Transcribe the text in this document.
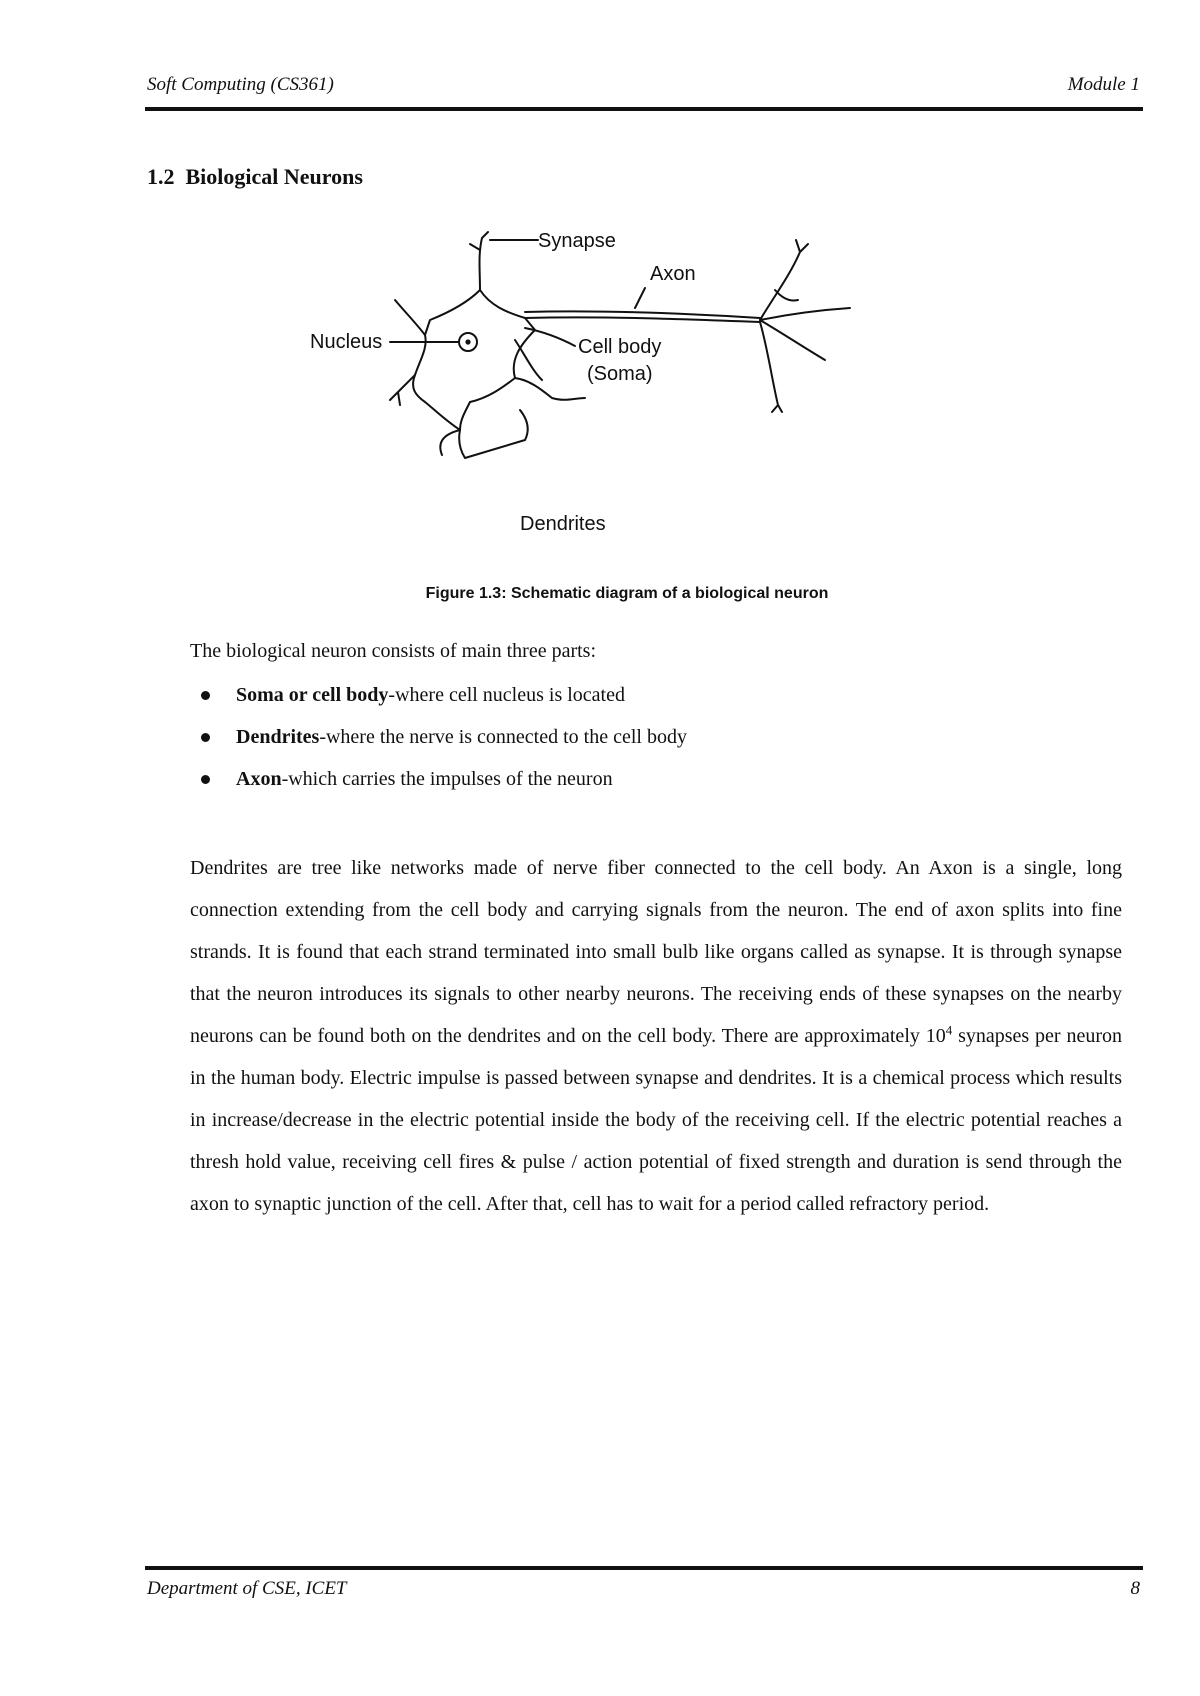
Soft Computing (CS361)	Module 1
1.2  Biological Neurons
Synapse
Axon
Nucleus	Cell body
(Soma)
Dendrites
Figure 1.3: Schematic diagram of a biological neuron
The biological neuron consists of main three parts:
Soma or cell body-where cell nucleus is located
Dendrites-where the nerve is connected to the cell body
Axon-which carries the impulses of the neuron
Dendrites are tree like networks made of nerve fiber connected to the cell body. An Axon is a single, long connection extending from the cell body and carrying signals from the neuron. The end of axon splits into fine strands. It is found that each strand terminated into small bulb like organs called as synapse. It is through synapse that the neuron introduces its signals to other nearby neurons. The receiving ends of these synapses on the nearby neurons can be found both on the dendrites and on the cell body. There are approximately $10^4$ synapses per neuron in the human body. Electric impulse is passed between synapse and dendrites. It is a chemical process which results in increase/decrease in the electric potential inside the body of the receiving cell. If the electric potential reaches a thresh hold value, receiving cell fires & pulse / action potential of fixed strength and duration is send through the axon to synaptic junction of the cell. After that, cell has to wait for a period called refractory period.
Department of CSE, ICET	8
